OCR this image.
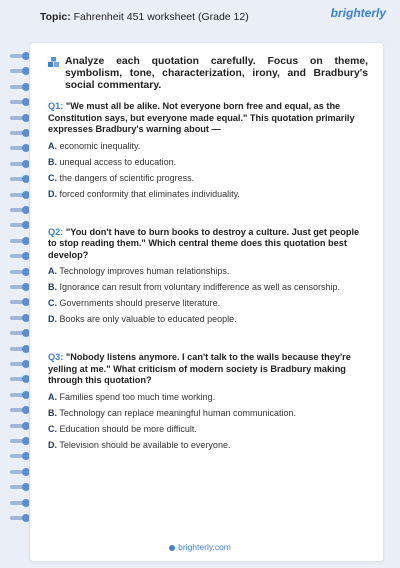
Topic: Fahrenheit 451 worksheet (Grade 12)	brighterly
Analyze each quotation carefully. Focus on theme, symbolism, tone, characterization, irony, and Bradbury's social commentary.
Q1: "We must all be alike. Not everyone born free and equal, as the Constitution says, but everyone made equal." This quotation primarily expresses Bradbury's warning about —
A. economic inequality.
B. unequal access to education.
C. the dangers of scientific progress.
D. forced conformity that eliminates individuality.
Q2: "You don't have to burn books to destroy a culture. Just get people to stop reading them." Which central theme does this quotation best develop?
A. Technology improves human relationships.
B. Ignorance can result from voluntary indifference as well as censorship.
C. Governments should preserve literature.
D. Books are only valuable to educated people.
Q3: "Nobody listens anymore. I can't talk to the walls because they're yelling at me." What criticism of modern society is Bradbury making through this quotation?
A. Families spend too much time working.
B. Technology can replace meaningful human communication.
C. Education should be more difficult.
D. Television should be available to everyone.
brighterly.com
